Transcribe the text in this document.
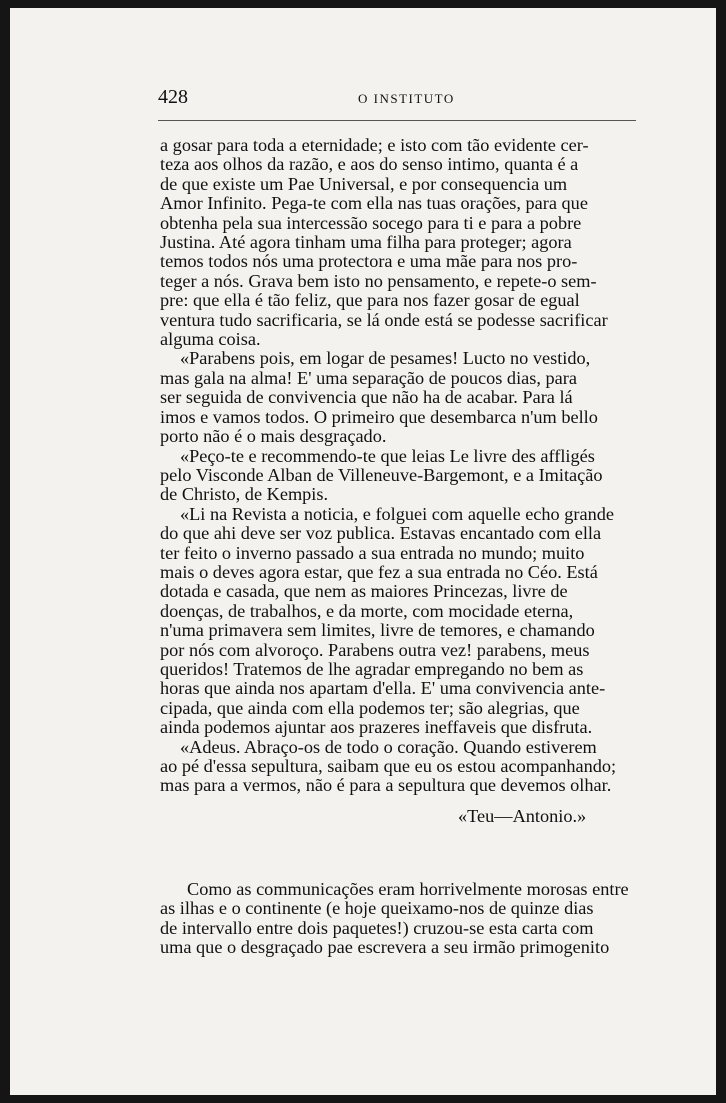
428	O INSTITUTO
a gosar para toda a eternidade; e isto com tão evidente cer-
teza aos olhos da razão, e aos do senso intimo, quanta é a
de que existe um Pae Universal, e por consequencia um
Amor Infinito. Pega-te com ella nas tuas orações, para que
obtenha pela sua intercessão socego para ti e para a pobre
Justina. Até agora tinham uma filha para proteger; agora
temos todos nós uma protectora e uma mãe para nos pro-
teger a nós. Grava bem isto no pensamento, e repete-o sem-
pre: que ella é tão feliz, que para nos fazer gosar de egual
ventura tudo sacrificaria, se lá onde está se podesse sacrificar
alguma coisa.
«Parabens pois, em logar de pesames! Lucto no vestido,
mas gala na alma! E' uma separação de poucos dias, para
ser seguida de convivencia que não ha de acabar. Para lá
imos e vamos todos. O primeiro que desembarca n'um bello
porto não é o mais desgraçado.
«Peço-te e recommendo-te que leias Le livre des affligés
pelo Visconde Alban de Villeneuve-Bargemont, e a Imitação
de Christo, de Kempis.
«Li na Revista a noticia, e folguei com aquelle echo grande
do que ahi deve ser voz publica. Estavas encantado com ella
ter feito o inverno passado a sua entrada no mundo; muito
mais o deves agora estar, que fez a sua entrada no Céo. Está
dotada e casada, que nem as maiores Princezas, livre de
doenças, de trabalhos, e da morte, com mocidade eterna,
n'uma primavera sem limites, livre de temores, e chamando
por nós com alvoroço. Parabens outra vez! parabens, meus
queridos! Tratemos de lhe agradar empregando no bem as
horas que ainda nos apartam d'ella. E' uma convivencia ante-
cipada, que ainda com ella podemos ter; são alegrias, que
ainda podemos ajuntar aos prazeres ineffaveis que disfruta.
«Adeus. Abraço-os de todo o coração. Quando estiverem
ao pé d'essa sepultura, saibam que eu os estou acompanhando;
mas para a vermos, não é para a sepultura que devemos olhar.
«Teu—Antonio.»
Como as communicações eram horrivelmente morosas entre
as ilhas e o continente (e hoje queixamo-nos de quinze dias
de intervallo entre dois paquetes!) cruzou-se esta carta com
uma que o desgraçado pae escrevera a seu irmão primogenito
